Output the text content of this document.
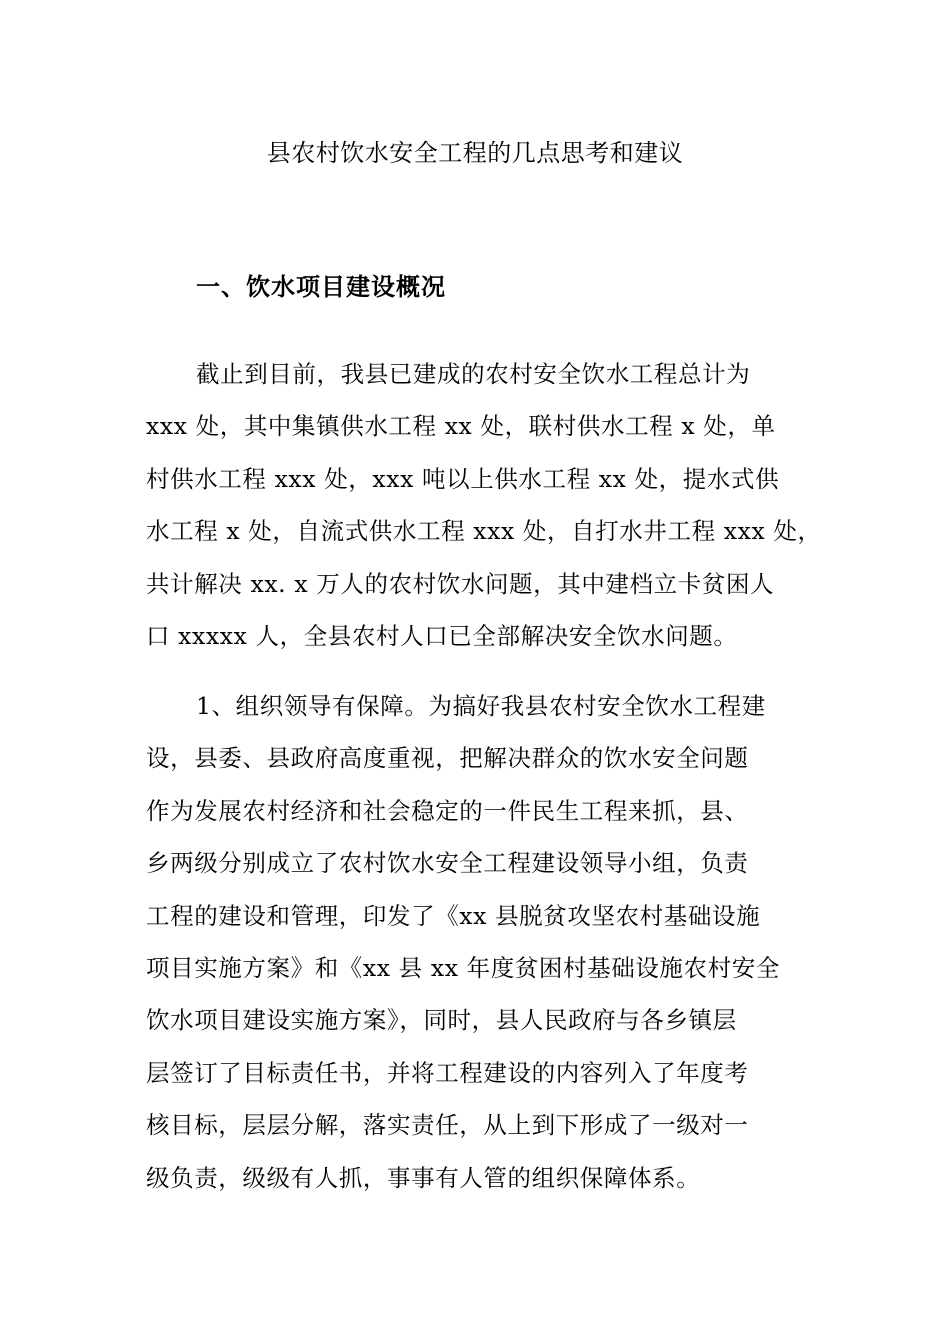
县农村饮水安全工程的几点思考和建议
一、饮水项目建设概况
截止到目前，我县已建成的农村安全饮水工程总计为
xxx 处，其中集镇供水工程 xx 处，联村供水工程 x 处，单
村供水工程 xxx 处，xxx 吨以上供水工程 xx 处，提水式供
水工程 x 处，自流式供水工程 xxx 处，自打水井工程 xxx 处，
共计解决 xx. x 万人的农村饮水问题，其中建档立卡贫困人
口 xxxxx 人，全县农村人口已全部解决安全饮水问题。
1、组织领导有保障。为搞好我县农村安全饮水工程建
设，县委、县政府高度重视，把解决群众的饮水安全问题
作为发展农村经济和社会稳定的一件民生工程来抓，县、
乡两级分别成立了农村饮水安全工程建设领导小组，负责
工程的建设和管理，印发了《xx 县脱贫攻坚农村基础设施
项目实施方案》和《xx 县 xx 年度贫困村基础设施农村安全
饮水项目建设实施方案》，同时，县人民政府与各乡镇层
层签订了目标责任书，并将工程建设的内容列入了年度考
核目标，层层分解，落实责任，从上到下形成了一级对一
级负责，级级有人抓，事事有人管的组织保障体系。
